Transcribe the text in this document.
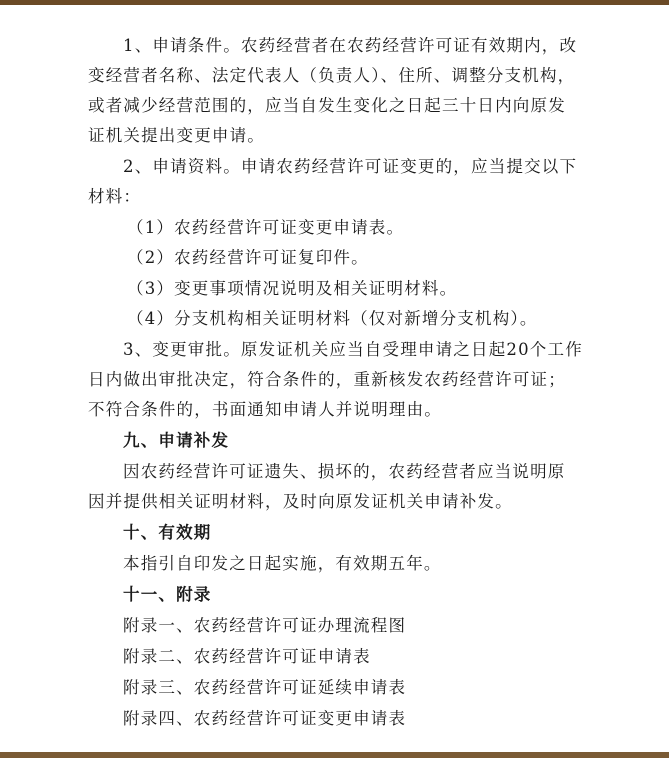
1、申请条件。农药经营者在农药经营许可证有效期内，改
变经营者名称、法定代表人（负责人）、住所、调整分支机构，
或者减少经营范围的，应当自发生变化之日起三十日内向原发
证机关提出变更申请。
2、申请资料。申请农药经营许可证变更的，应当提交以下
材料：
（1）农药经营许可证变更申请表。
（2）农药经营许可证复印件。
（3）变更事项情况说明及相关证明材料。
（4）分支机构相关证明材料（仅对新增分支机构）。
3、变更审批。原发证机关应当自受理申请之日起20个工作
日内做出审批决定，符合条件的，重新核发农药经营许可证；
不符合条件的，书面通知申请人并说明理由。
九、申请补发
因农药经营许可证遗失、损坏的，农药经营者应当说明原
因并提供相关证明材料，及时向原发证机关申请补发。
十、有效期
本指引自印发之日起实施，有效期五年。
十一、附录
附录一、农药经营许可证办理流程图
附录二、农药经营许可证申请表
附录三、农药经营许可证延续申请表
附录四、农药经营许可证变更申请表
